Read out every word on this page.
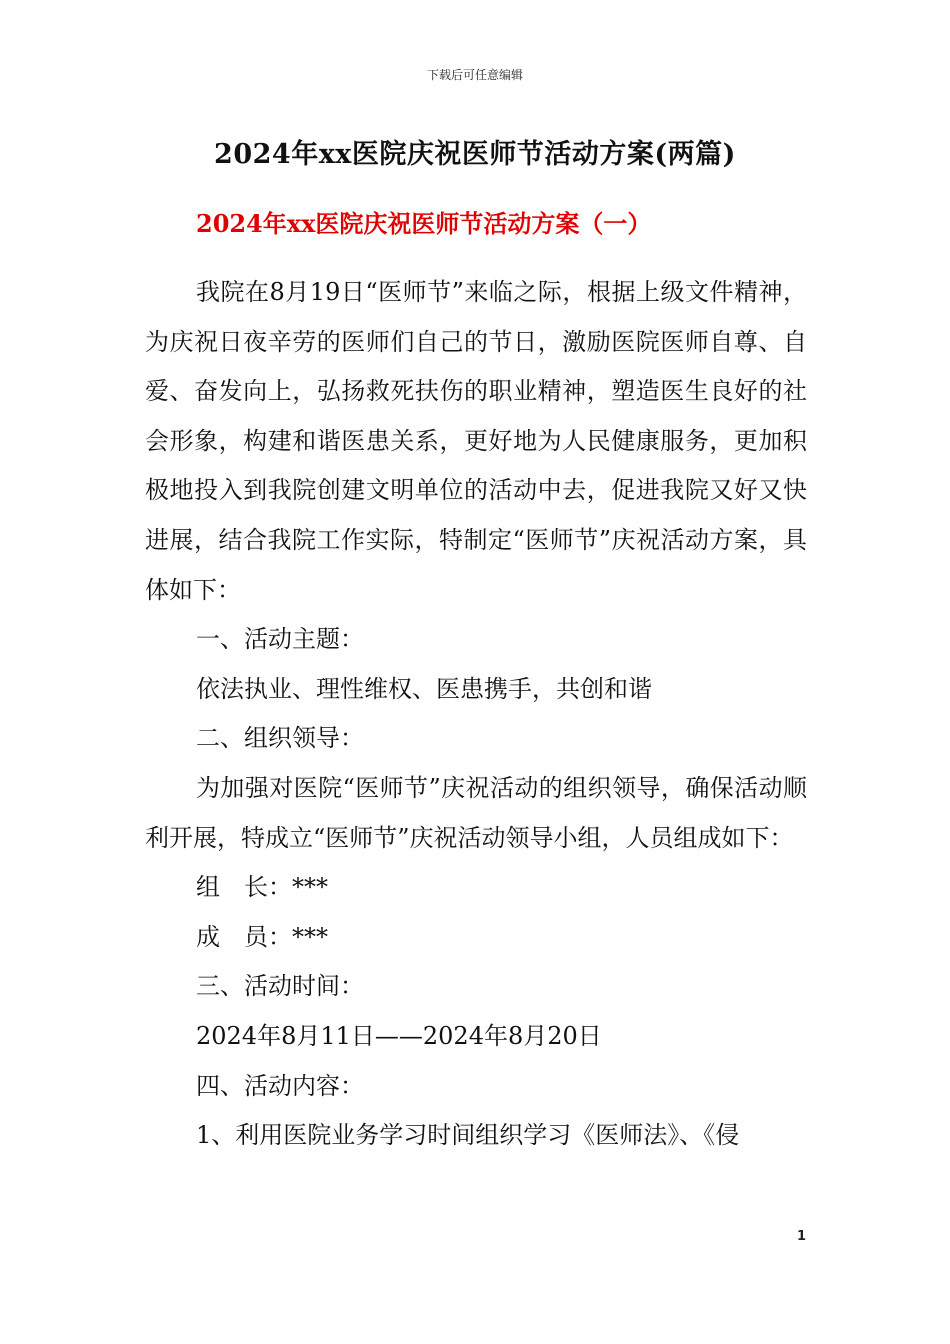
下载后可任意编辑
2024年xx医院庆祝医师节活动方案(两篇)
2024年xx医院庆祝医师节活动方案（一）

我院在8月19日“医师节”来临之际，根据上级文件精神，为庆祝日夜辛劳的医师们自己的节日，激励医院医师自尊、自爱、奋发向上，弘扬救死扶伤的职业精神，塑造医生良好的社会形象，构建和谐医患关系，更好地为人民健康服务，更加积极地投入到我院创建文明单位的活动中去，促进我院又好又快进展，结合我院工作实际，特制定“医师节”庆祝活动方案，具体如下：

一、活动主题：

依法执业、理性维权、医患携手，共创和谐

二、组织领导：

为加强对医院“医师节”庆祝活动的组织领导，确保活动顺利开展，特成立“医师节”庆祝活动领导小组，人员组成如下：

组　长：***

成　员：***

三、活动时间：

2024年8月11日——2024年8月20日

四、活动内容：

1、利用医院业务学习时间组织学习《医师法》、《侵

1
